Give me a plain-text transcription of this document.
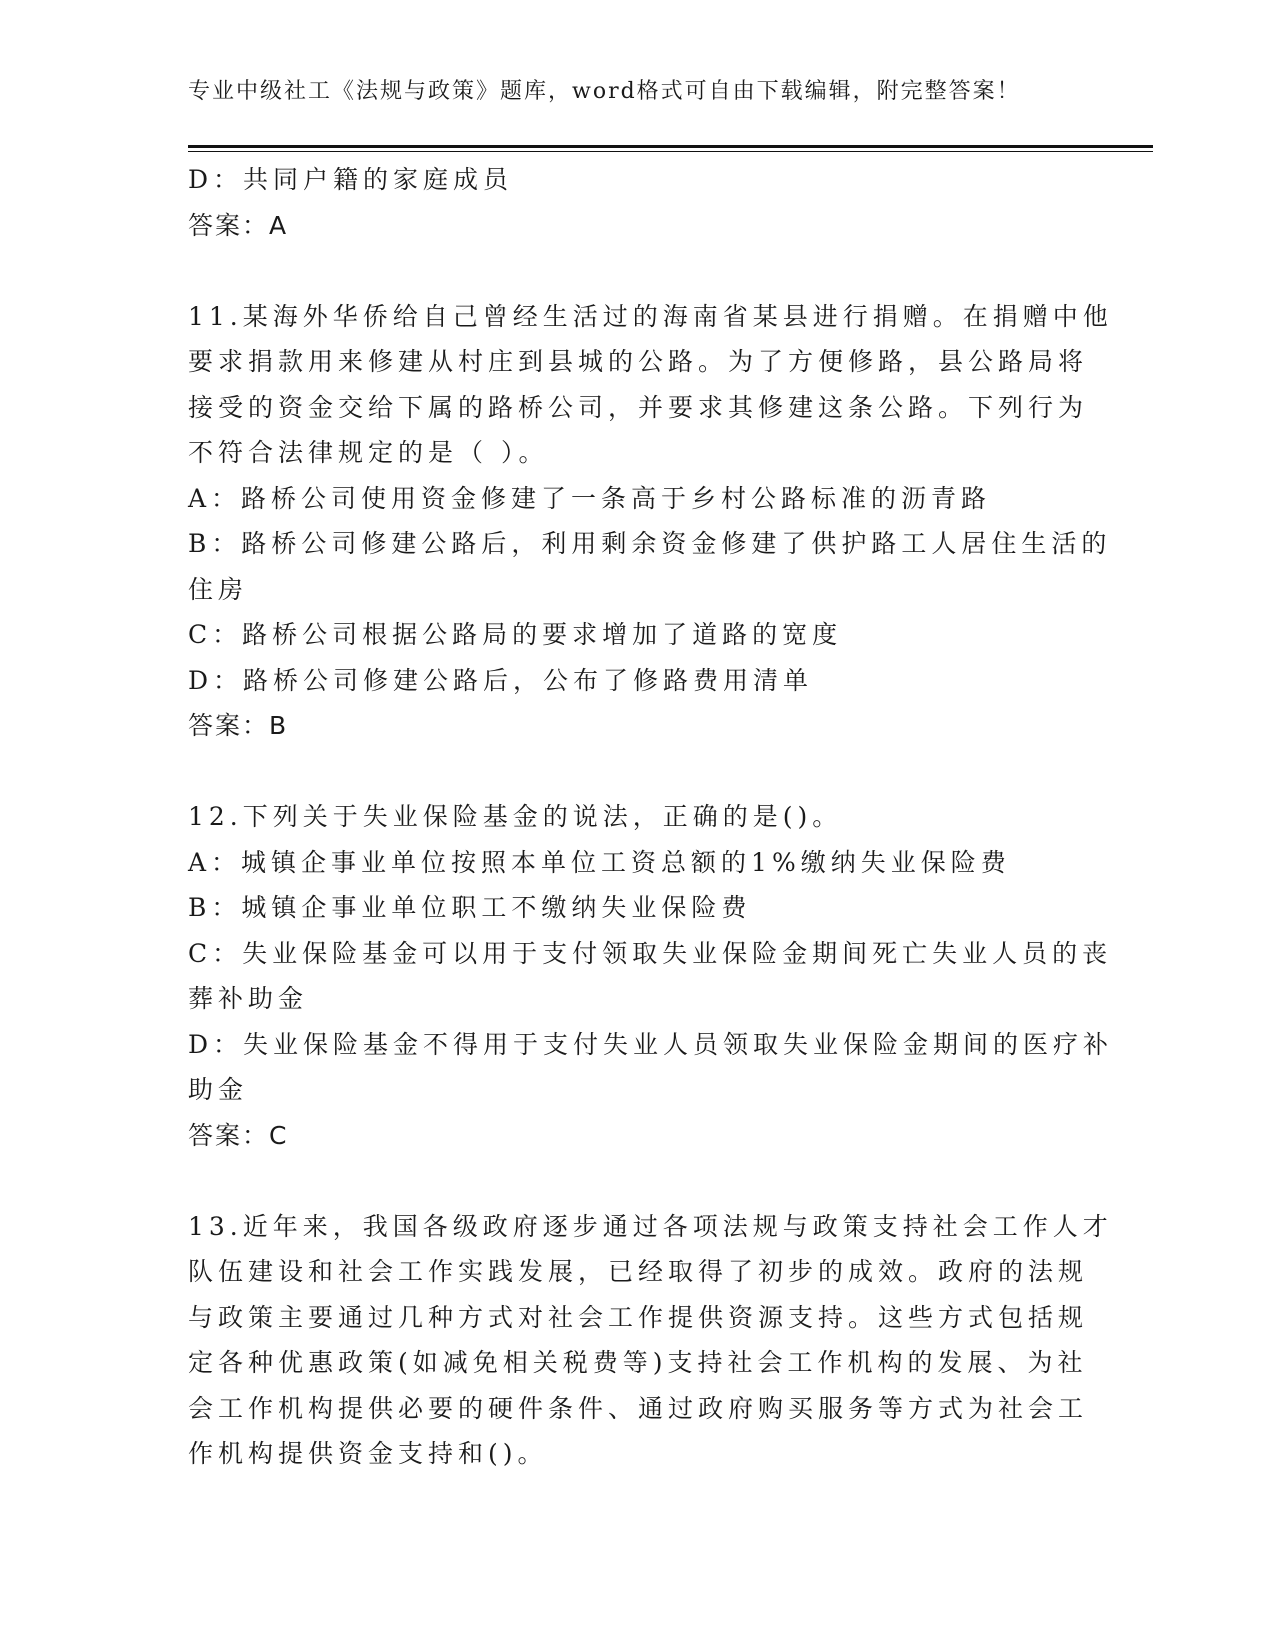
专业中级社工《法规与政策》题库，word格式可自由下载编辑，附完整答案！
D：共同户籍的家庭成员
答案：A
11.某海外华侨给自己曾经生活过的海南省某县进行捐赠。在捐赠中他
要求捐款用来修建从村庄到县城的公路。为了方便修路，县公路局将
接受的资金交给下属的路桥公司，并要求其修建这条公路。下列行为
不符合法律规定的是（ ）。
A：路桥公司使用资金修建了一条高于乡村公路标准的沥青路
B：路桥公司修建公路后，利用剩余资金修建了供护路工人居住生活的
住房
C：路桥公司根据公路局的要求增加了道路的宽度
D：路桥公司修建公路后，公布了修路费用清单
答案：B
12.下列关于失业保险基金的说法，正确的是()。
A：城镇企事业单位按照本单位工资总额的1%缴纳失业保险费
B：城镇企事业单位职工不缴纳失业保险费
C：失业保险基金可以用于支付领取失业保险金期间死亡失业人员的丧
葬补助金
D：失业保险基金不得用于支付失业人员领取失业保险金期间的医疗补
助金
答案：C
13.近年来，我国各级政府逐步通过各项法规与政策支持社会工作人才
队伍建设和社会工作实践发展，已经取得了初步的成效。政府的法规
与政策主要通过几种方式对社会工作提供资源支持。这些方式包括规
定各种优惠政策(如减免相关税费等)支持社会工作机构的发展、为社
会工作机构提供必要的硬件条件、通过政府购买服务等方式为社会工
作机构提供资金支持和()。
